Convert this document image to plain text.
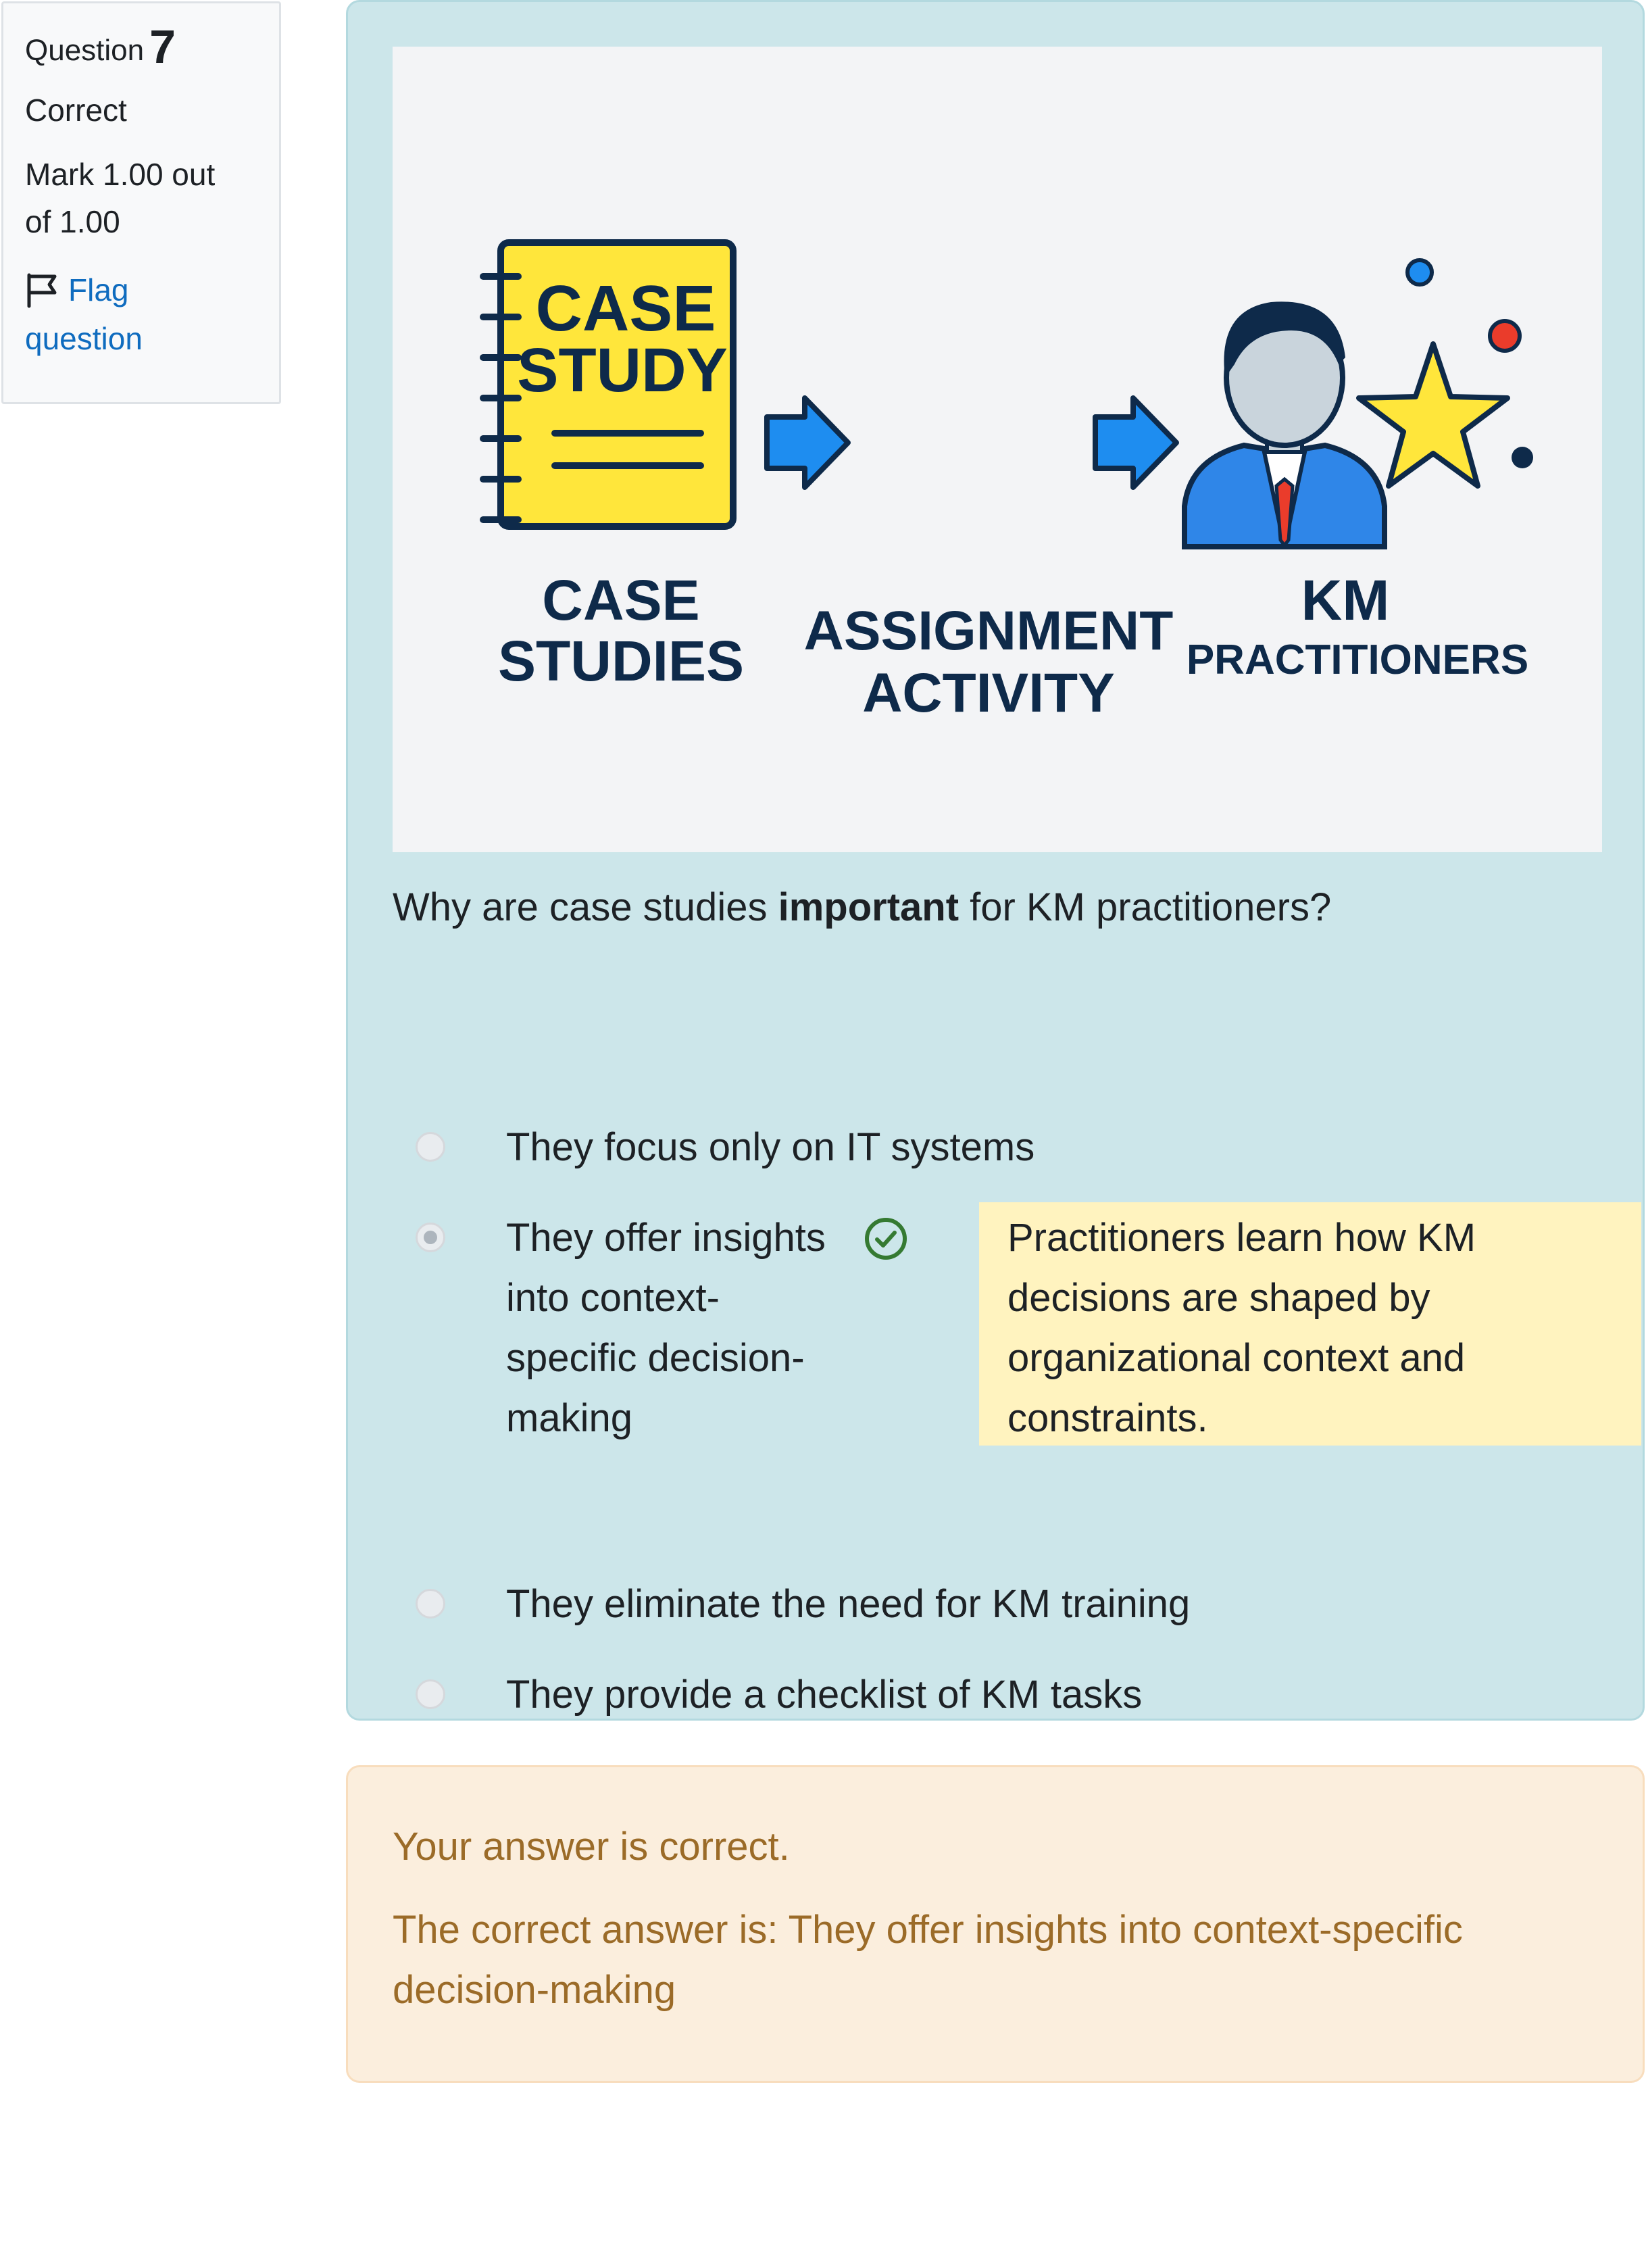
Question 7
Correct
Mark 1.00 out
of 1.00
Flag
question	CASE
STUDY
CASE
STUDIES ASSIGNMENT
ACTIVITY
KM
PRACTITIONERS
Why are case studies important for KM practitioners?
They focus only on IT systems
They offer insights
into context-
specific decision-
making
Practitioners learn how KM
decisions are shaped by
organizational context and
constraints.
They eliminate the need for KM training
They provide a checklist of KM tasks
Your answer is correct.
The correct answer is: They offer insights into context-specific
decision-making
